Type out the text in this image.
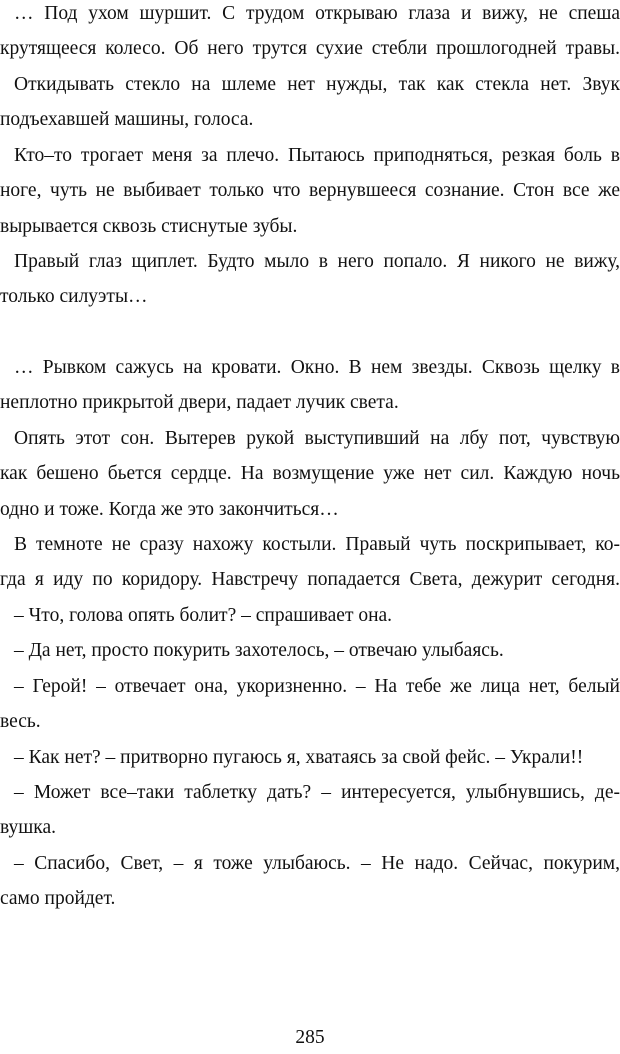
… Под ухом шуршит. С трудом открываю глаза и вижу, не спеша

крутящееся колесо. Об него трутся сухие стебли прошлогодней травы.

Откидывать стекло на шлеме нет нужды, так как стекла нет. Звук

подъехавшей машины, голоса.

Кто–то трогает меня за плечо. Пытаюсь приподняться, резкая боль в

ноге, чуть не выбивает только что вернувшееся сознание. Стон все же

вырывается сквозь стиснутые зубы.

Правый глаз щиплет. Будто мыло в него попало. Я никого не вижу,

только силуэты…

… Рывком сажусь на кровати. Окно. В нем звезды. Сквозь щелку в

неплотно прикрытой двери, падает лучик света.

Опять этот сон. Вытерев рукой выступивший на лбу пот, чувствую

как бешено бьется сердце. На возмущение уже нет сил. Каждую ночь

одно и тоже. Когда же это закончиться…

В темноте не сразу нахожу костыли. Правый чуть поскрипывает, ко-

гда я иду по коридору. Навстречу попадается Света, дежурит сегодня.

– Что, голова опять болит? – спрашивает она.

– Да нет, просто покурить захотелось, – отвечаю улыбаясь.

– Герой! – отвечает она, укоризненно. – На тебе же лица нет, белый

весь.

– Как нет? – притворно пугаюсь я, хватаясь за свой фейс. – Украли!!

– Может все–таки таблетку дать? – интересуется, улыбнувшись, де-

вушка.

– Спасибо, Свет, – я тоже улыбаюсь. – Не надо. Сейчас, покурим,

само пройдет.

285
